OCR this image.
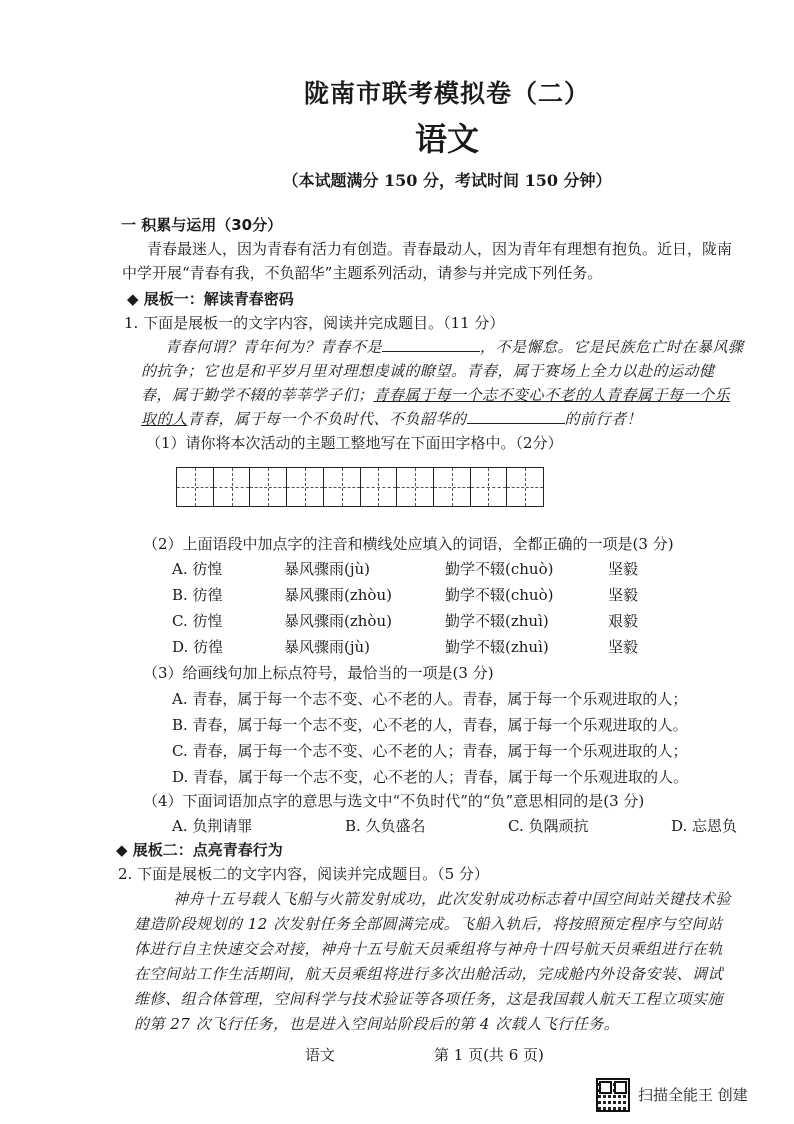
陇南市联考模拟卷（二）
语文
（本试题满分 150 分，考试时间 150 分钟）
一 积累与运用（30分）
青春最迷人，因为青春有活力有创造。青春最动人，因为青年有理想有抱负。近日，陇南
中学开展“青春有我，不负韶华”主题系列活动，请参与并完成下列任务。
◆ 展板一：解读青春密码
1. 下面是展板一的文字内容，阅读并完成题目。（11 分）
青春何谓？青年何为？青春不是	，不是懈怠。它是民族危亡时在暴风骤
的抗争；它也是和平岁月里对理想虔诚的瞭望。青春，属于赛场上全力以赴的运动健
春，属于勤学不辍的莘莘学子们；青春属于每一个志不变心不老的人青春属于每一个乐
取的人青春，属于每一个不负时代、不负韶华的	的前行者！
（1）请你将本次活动的主题工整地写在下面田字格中。（2分）
（2）上面语段中加点字的注音和横线处应填入的词语，全都正确的一项是(3 分)
A. 彷惶	暴风骤雨(jù)	勤学不辍(chuò)	坚毅
B. 彷徨	暴风骤雨(zhòu)	勤学不辍(chuò)	坚毅
C. 彷惶	暴风骤雨(zhòu)	勤学不辍(zhuì)	艰毅
D. 彷徨	暴风骤雨(jù)	勤学不辍(zhuì)	坚毅
（3）给画线句加上标点符号，最恰当的一项是(3 分)
A. 青春，属于每一个志不变、心不老的人。青春，属于每一个乐观进取的人；
B. 青春，属于每一个志不变，心不老的人，青春，属于每一个乐观进取的人。
C. 青春，属于每一个志不变、心不老的人；青春，属于每一个乐观进取的人；
D. 青春，属于每一个志不变，心不老的人；青春，属于每一个乐观进取的人。
（4）下面词语加点字的意思与选文中“不负时代”的“负”意思相同的是(3 分)
A. 负荆请罪	B. 久负盛名	C. 负隅顽抗	D. 忘恩负
◆ 展板二：点亮青春行为
2. 下面是展板二的文字内容，阅读并完成题目。（5 分）
神舟十五号载人飞船与火箭发射成功，此次发射成功标志着中国空间站关键技术验
建造阶段规划的 12 次发射任务全部圆满完成。飞船入轨后，将按照预定程序与空间站
体进行自主快速交会对接，神舟十五号航天员乘组将与神舟十四号航天员乘组进行在轨
在空间站工作生活期间，航天员乘组将进行多次出舱活动，完成舱内外设备安装、调试
维修、组合体管理，空间科学与技术验证等各项任务，这是我国载人航天工程立项实施
的第 27 次飞行任务，也是进入空间站阶段后的第 4 次载人飞行任务。
语文	第 1 页(共 6 页)
扫描全能王 创建
